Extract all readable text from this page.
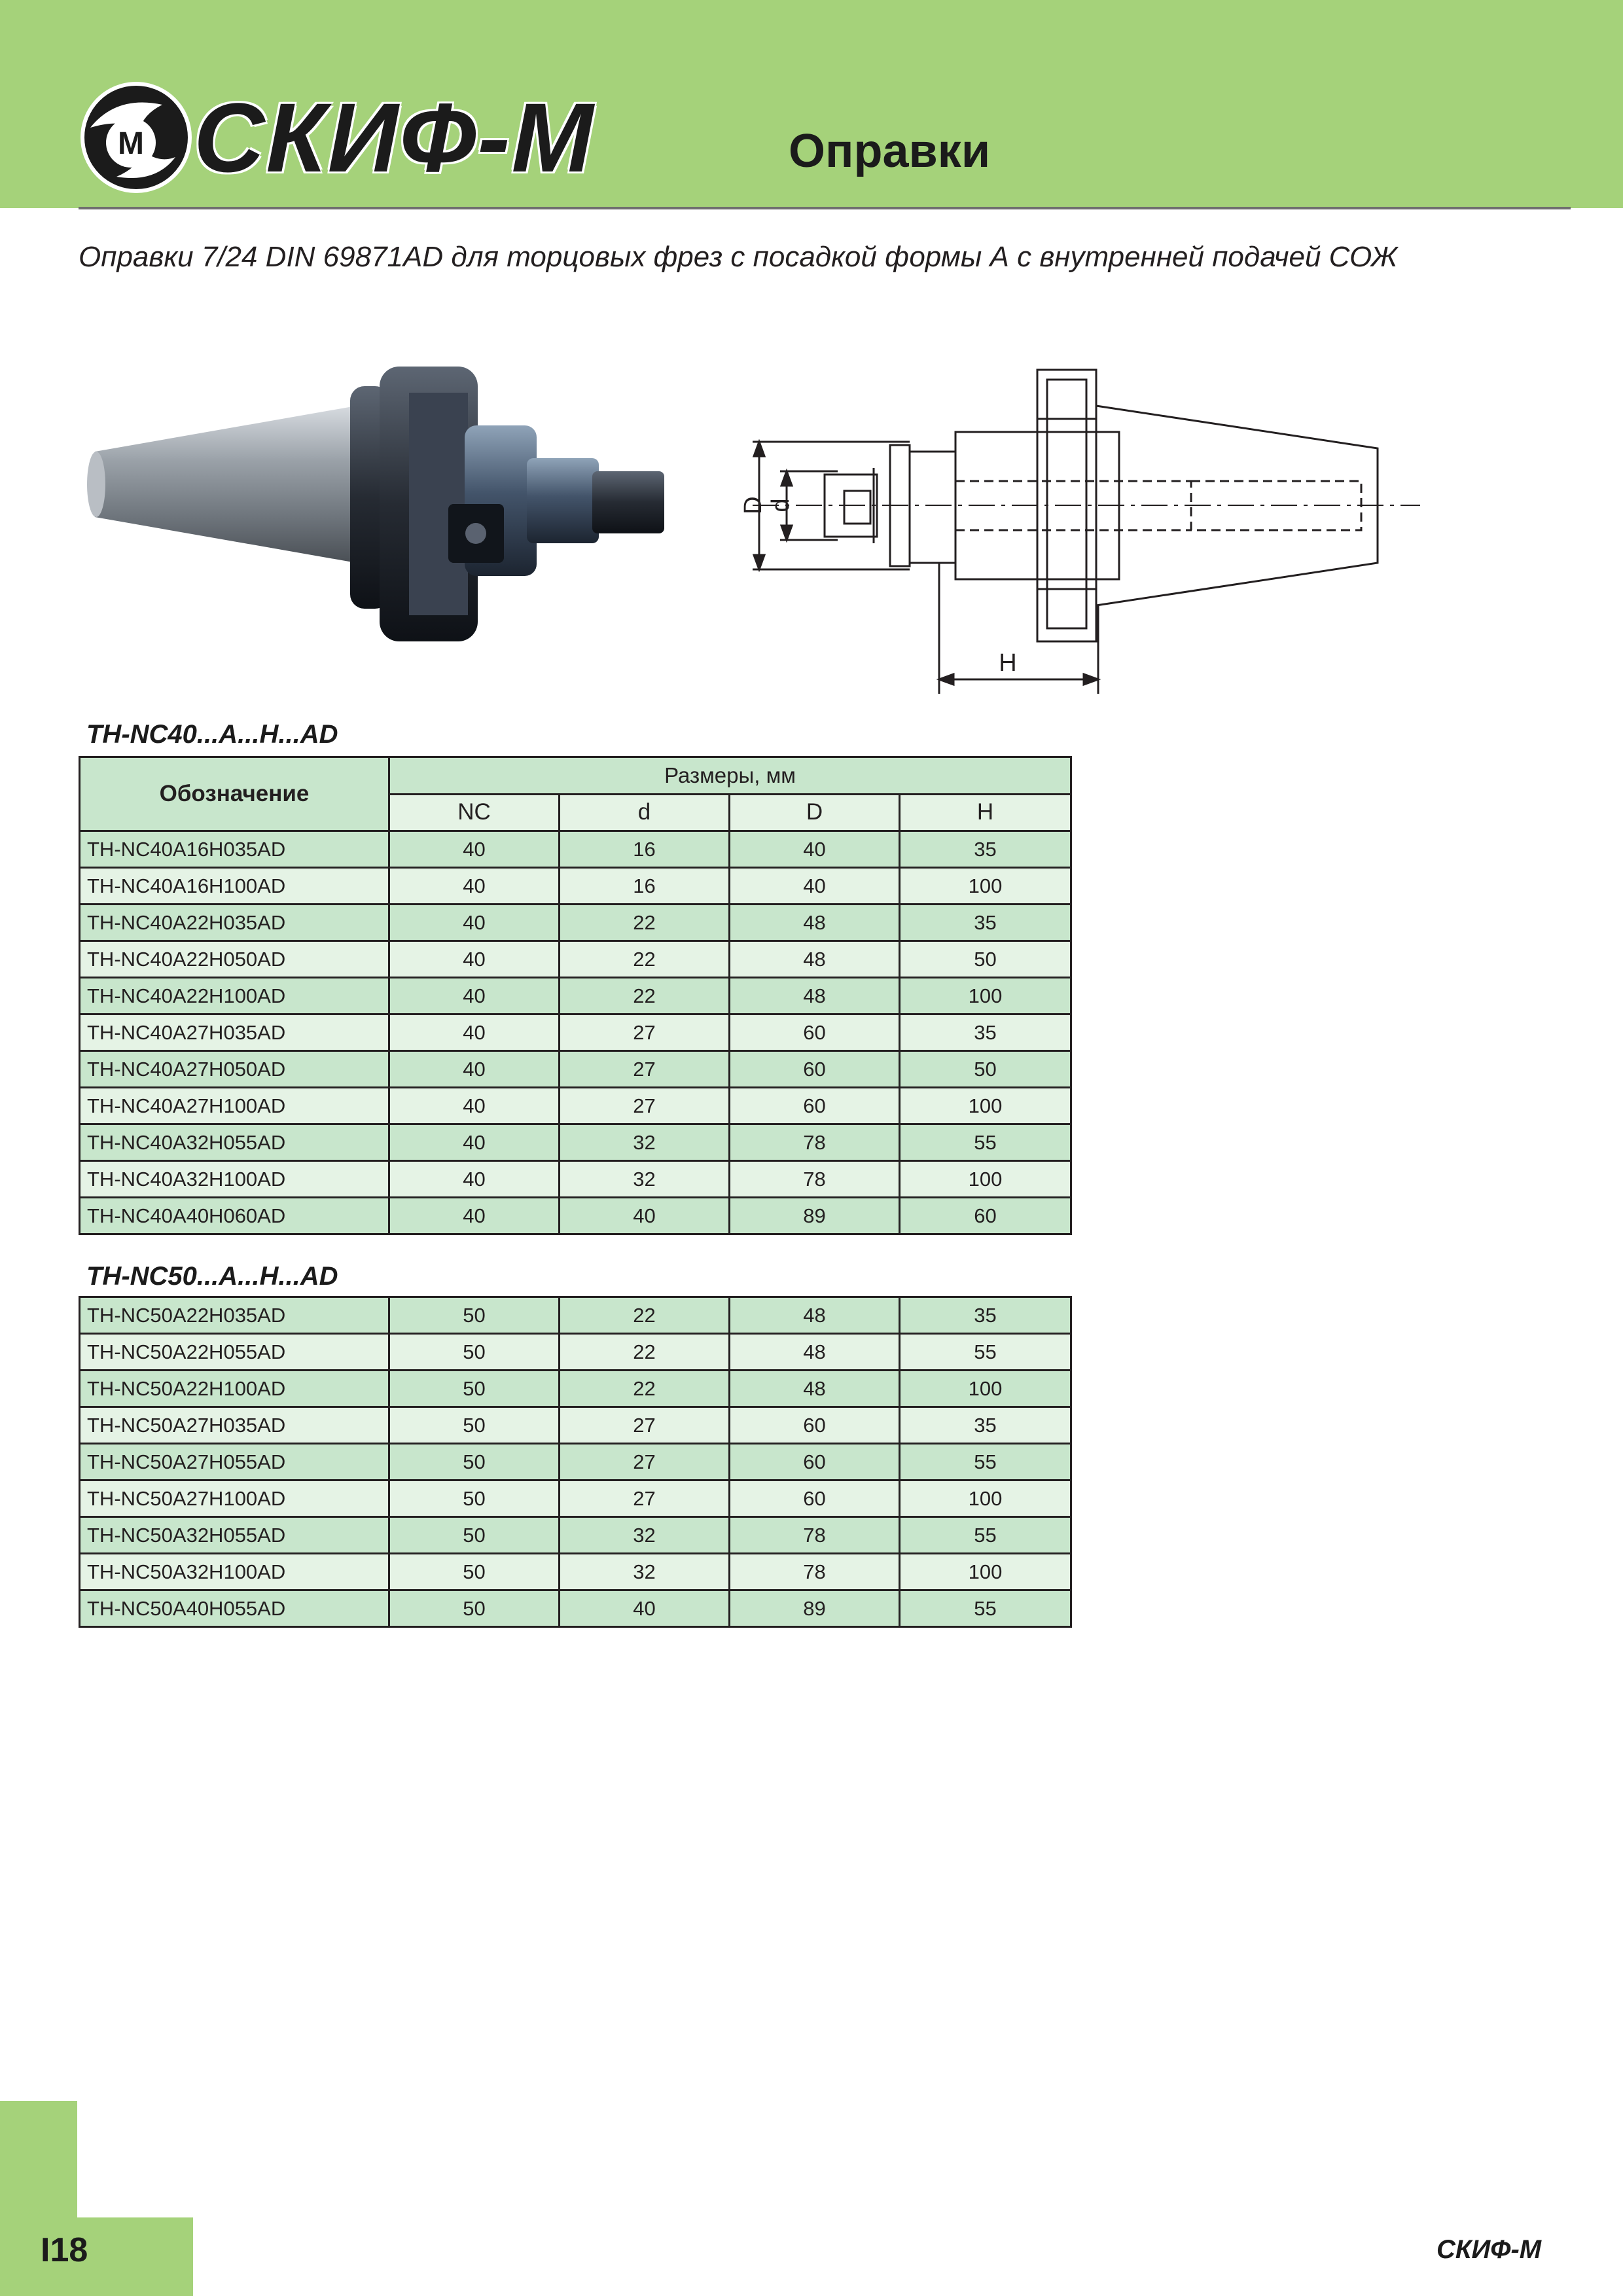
М СКИФ-М	Оправки
Оправки 7/24 DIN 69871AD для торцовых фрез с посадкой формы А с внутренней подачей СОЖ
D d
H
TH-NC40...A...H...AD
Обозначение	Размеры, мм			
	NC	d	D	H
TH-NC40A16H035AD	40	16	40	35
TH-NC40A16H100AD	40	16	40	100
TH-NC40A22H035AD	40	22	48	35
TH-NC40A22H050AD	40	22	48	50
TH-NC40A22H100AD	40	22	48	100
TH-NC40A27H035AD	40	27	60	35
TH-NC40A27H050AD	40	27	60	50
TH-NC40A27H100AD	40	27	60	100
TH-NC40A32H055AD	40	32	78	55
TH-NC40A32H100AD	40	32	78	100
TH-NC40A40H060AD	40	40	89	60
TH-NC50...A...H...AD
TH-NC50A22H035AD	50	22	48	35
TH-NC50A22H055AD	50	22	48	55
TH-NC50A22H100AD	50	22	48	100
TH-NC50A27H035AD	50	27	60	35
TH-NC50A27H055AD	50	27	60	55
TH-NC50A27H100AD	50	27	60	100
TH-NC50A32H055AD	50	32	78	55
TH-NC50A32H100AD	50	32	78	100
TH-NC50A40H055AD	50	40	89	55
I18	СКИФ-М
